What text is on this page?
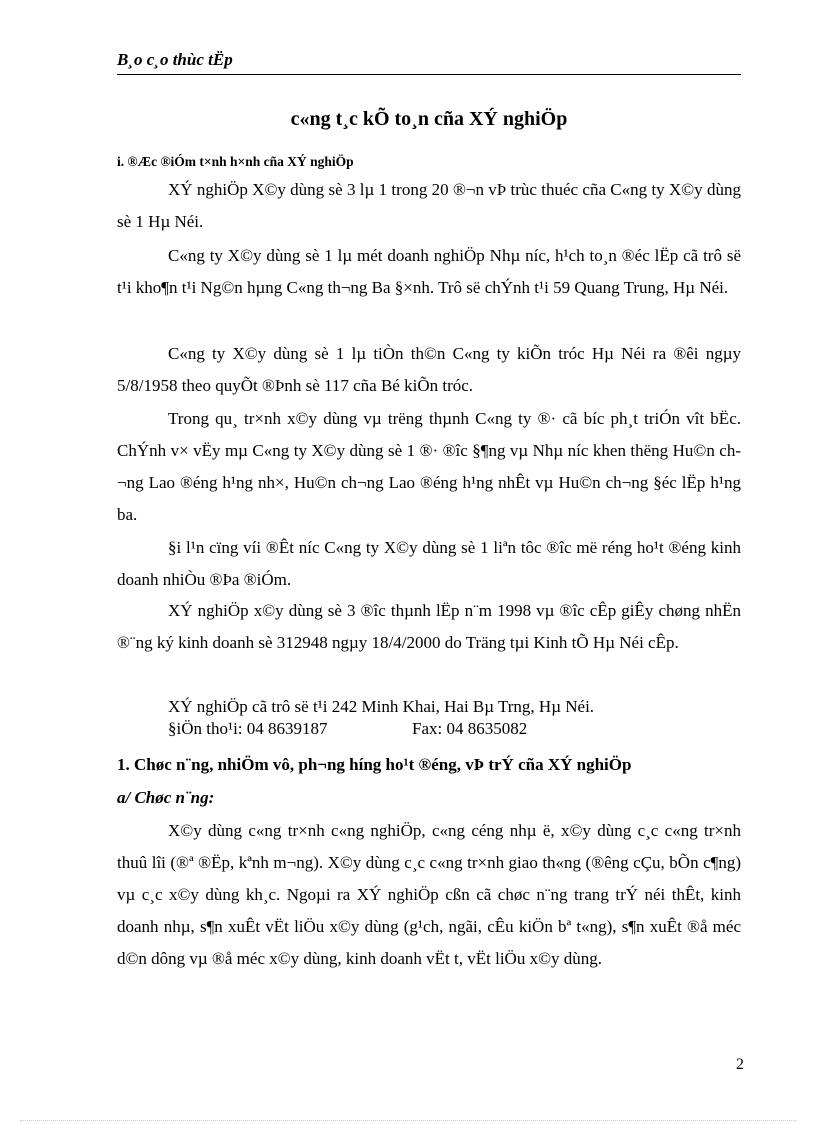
B¸o c¸o thùc tËp
c«ng t¸c kÕ to¸n cña XÝ nghiÖp
i. ®Æc ®iÓm t×nh h×nh cña XÝ nghiÖp

XÝ nghiÖp X©y dùng sè 3 lµ 1 trong 20 ®¬n vÞ trùc thuéc cña C«ng ty X©y dùng sè 1 Hµ Néi.

C«ng ty X©y dùng sè 1 lµ mét doanh nghiÖp Nhµ níc, h¹ch to¸n ®éc lËp cã trô së t¹i kho¶n t¹i Ng©n hµng C«ng th¬ng Ba §×nh. Trô së chÝnh t¹i 59 Quang Trung, Hµ Néi.

C«ng ty X©y dùng sè 1 lµ tiÒn th©n C«ng ty kiÕn tróc Hµ Néi ra ®êi ngµy 5/8/1958 theo quyÕt ®Þnh sè 117 cña Bé kiÕn tróc.

Trong qu¸ tr×nh x©y dùng vµ trëng thµnh C«ng ty ®· cã bíc ph¸t triÓn vît bËc. ChÝnh v× vËy mµ C«ng ty X©y dùng sè 1 ®· ®îc §¶ng vµ Nhµ níc khen thëng Hu©n ch¬ng Lao ®éng h¹ng nh×, Hu©n ch¬ng Lao ®éng h¹ng nhÊt vµ Hu©n ch¬ng §éc lËp h¹ng ba.

§i l¹n cïng víi ®Êt níc C«ng ty X©y dùng sè 1 liªn tôc ®îc më réng ho¹t ®éng kinh doanh nhiÒu ®Þa ®iÓm.

XÝ nghiÖp x©y dùng sè 3 ®îc thµnh lËp n¨m 1998 vµ ®îc cÊp giÊy chøng nhËn ®¨ng ký kinh doanh sè 312948 ngµy 18/4/2000 do Träng tµi Kinh tÕ Hµ Néi cÊp.

XÝ nghiÖp cã trô së t¹i 242 Minh Khai, Hai Bµ Trng, Hµ Néi.

§iÖn tho¹i: 04 8639187	Fax: 04 8635082

1. Chøc n¨ng, nhiÖm vô, ph¬ng híng ho¹t ®éng, vÞ trÝ cña XÝ nghiÖp

a/ Chøc n¨ng:

X©y dùng c«ng tr×nh c«ng nghiÖp, c«ng céng nhµ ë, x©y dùng c¸c c«ng tr×nh thuû lîi (®ª ®Ëp, kªnh m¬ng). X©y dùng c¸c c«ng tr×nh giao th«ng (®êng cÇu, bÕn c¶ng) vµ c¸c x©y dùng kh¸c. Ngoµi ra XÝ nghiÖp cßn cã chøc n¨ng trang trÝ néi thÊt, kinh doanh nhµ, s¶n xuÊt vËt liÖu x©y dùng (g¹ch, ngãi, cÊu kiÖn bª t«ng), s¶n xuÊt ®å méc d©n dông vµ ®å méc x©y dùng, kinh doanh vËt t, vËt liÖu x©y dùng.

2
